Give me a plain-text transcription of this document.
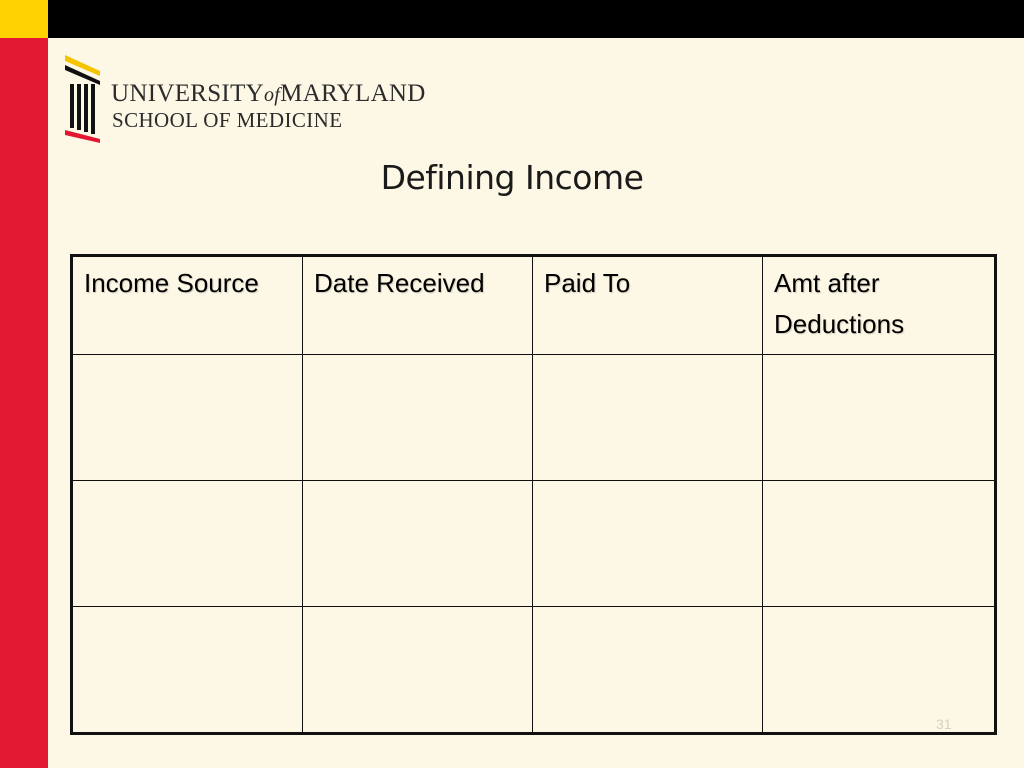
UNIVERSITYofMARYLAND
SCHOOL OF MEDICINE
Defining Income
Income Source	Date Received	Paid To	Amt after Deductions

31
